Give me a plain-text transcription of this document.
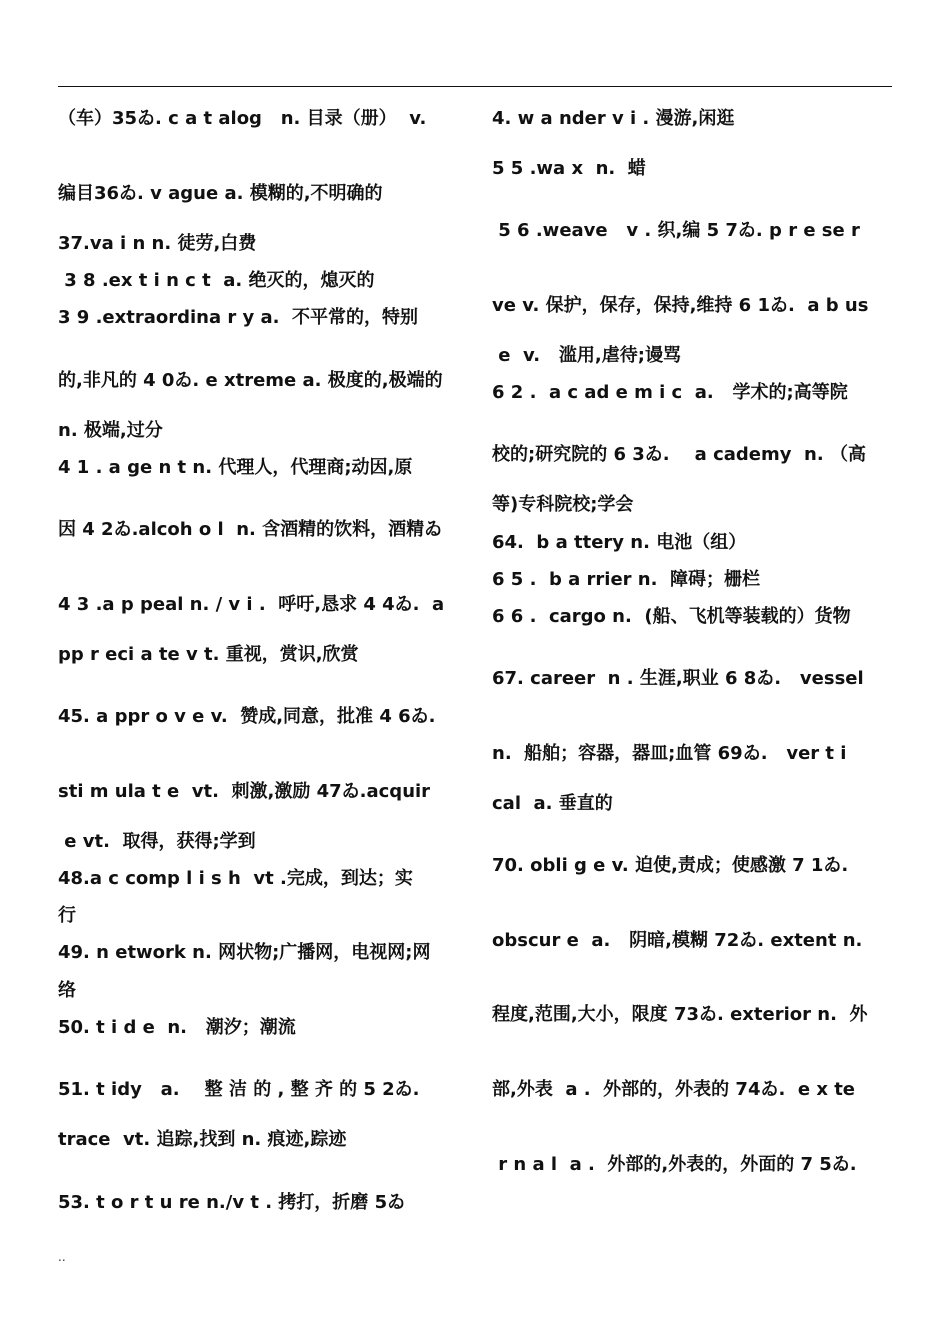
（车）35ゐ. c a t alog   n. 目录（册）  v.
编目36ゐ. v ague a. 模糊的,不明确的
37.va i n n. 徒劳,白费
3 8 .ex t i n c t  a. 绝灭的，熄灭的
3 9 .extraordina r y a.  不平常的，特别
的,非凡的 4 0ゐ. e xtreme a. 极度的,极端的
n. 极端,过分
4 1 . a ge n t n. 代理人，代理商;动因,原
因 4 2ゐ.alcoh o l  n. 含酒精的饮料，酒精ゐ
4 3 .a p peal n. / v i .  呼吁,恳求 4 4ゐ.  a
pp r eci a te v t. 重视，赏识,欣赏
45. a ppr o v e v.  赞成,同意，批准 4 6ゐ.
sti m ula t e  vt.  刺激,激励 47ゐ.acquir
e vt.  取得，获得;学到
48.a c comp l i s h  vt .完成，到达；实
行
49. n etwork n. 网状物;广播网，电视网;网
络
50. t i d e  n.   潮汐；潮流
51. t idy   a.    整 洁 的 , 整 齐 的 5 2ゐ.
trace  vt. 追踪,找到 n. 痕迹,踪迹
53. t o r t u re n./v t . 拷打，折磨 5ゐ
4. w a nder v i . 漫游,闲逛
5 5 .wa x  n.  蜡
5 6 .weave   v . 织,编 5 7ゐ. p r e se r
ve v. 保护，保存，保持,维持 6 1ゐ.  a b us
e  v.   滥用,虐待;谩骂
6 2 .  a c ad e m i c  a.   学术的;高等院
校的;研究院的 6 3ゐ.    a cademy  n. （高
等)专科院校;学会
64.  b a ttery n. 电池（组）
6 5 .  b a rrier n.  障碍；栅栏
6 6 .  cargo n.  (船、飞机等装载的）货物
67. career  n . 生涯,职业 6 8ゐ.   vessel
n.  船舶；容器，器皿;血管 69ゐ.   ver t i
cal  a. 垂直的
70. obli g e v. 迫使,责成；使感激 7 1ゐ.
obscur e  a.   阴暗,模糊 72ゐ. extent n.
程度,范围,大小，限度 73ゐ. exterior n.  外
部,外表  a .  外部的，外表的 74ゐ.  e x te
r n a l  a .  外部的,外表的，外面的 7 5ゐ.
..
